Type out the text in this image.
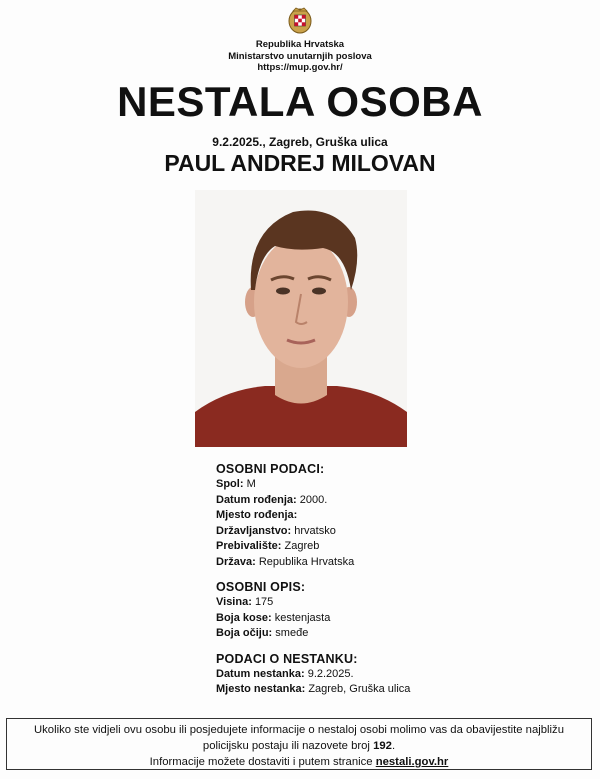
Republika Hrvatska
Ministarstvo unutarnjih poslova
https://mup.gov.hr/
NESTALA OSOBA
9.2.2025., Zagreb, Gruška ulica
PAUL ANDREJ MILOVAN
OSOBNI PODACI:
Spol: M
Datum rođenja: 2000.
Mjesto rođenja:
Državljanstvo: hrvatsko
Prebivalište: Zagreb
Država: Republika Hrvatska
OSOBNI OPIS:
Visina: 175
Boja kose: kestenjasta
Boja očiju: smeđe
PODACI O NESTANKU:
Datum nestanka: 9.2.2025.
Mjesto nestanka: Zagreb, Gruška ulica
Ukoliko ste vidjeli ovu osobu ili posjedujete informacije o nestaloj osobi molimo vas da obavijestite najbližu
policijsku postaju ili nazovete broj 192.
Informacije možete dostaviti i putem stranice nestali.gov.hr
